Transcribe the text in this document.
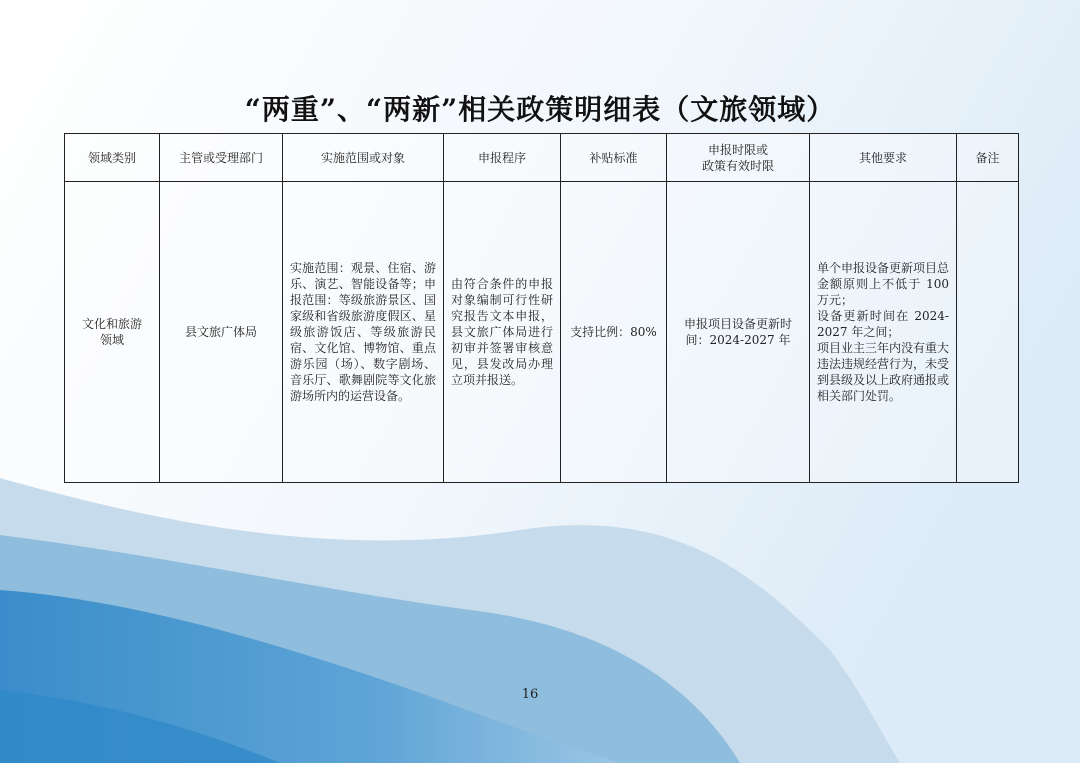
“两重”、“两新”相关政策明细表（文旅领域）
领域类别	主管或受理部门	实施范围或对象	申报程序	补贴标准	申报时限或
政策有效时限	其他要求	备注
文化和旅游领域	县文旅广体局	实施范围：观景、住宿、游乐、演艺、智能设备等；申报范围：等级旅游景区、国家级和省级旅游度假区、星级旅游饭店、等级旅游民宿、文化馆、博物馆、重点游乐园（场）、数字剧场、音乐厅、歌舞剧院等文化旅游场所内的运营设备。	由符合条件的申报对象编制可行性研究报告文本申报，县文旅广体局进行初审并签署审核意见，县发改局办理立项并报送。	支持比例：80%	申报项目设备更新时间：2024-2027 年	单个申报设备更新项目总金额原则上不低于 100 万元；
设备更新时间在 2024-2027 年之间；
项目业主三年内没有重大违法违规经营行为，未受到县级及以上政府通报或相关部门处罚。	

16
